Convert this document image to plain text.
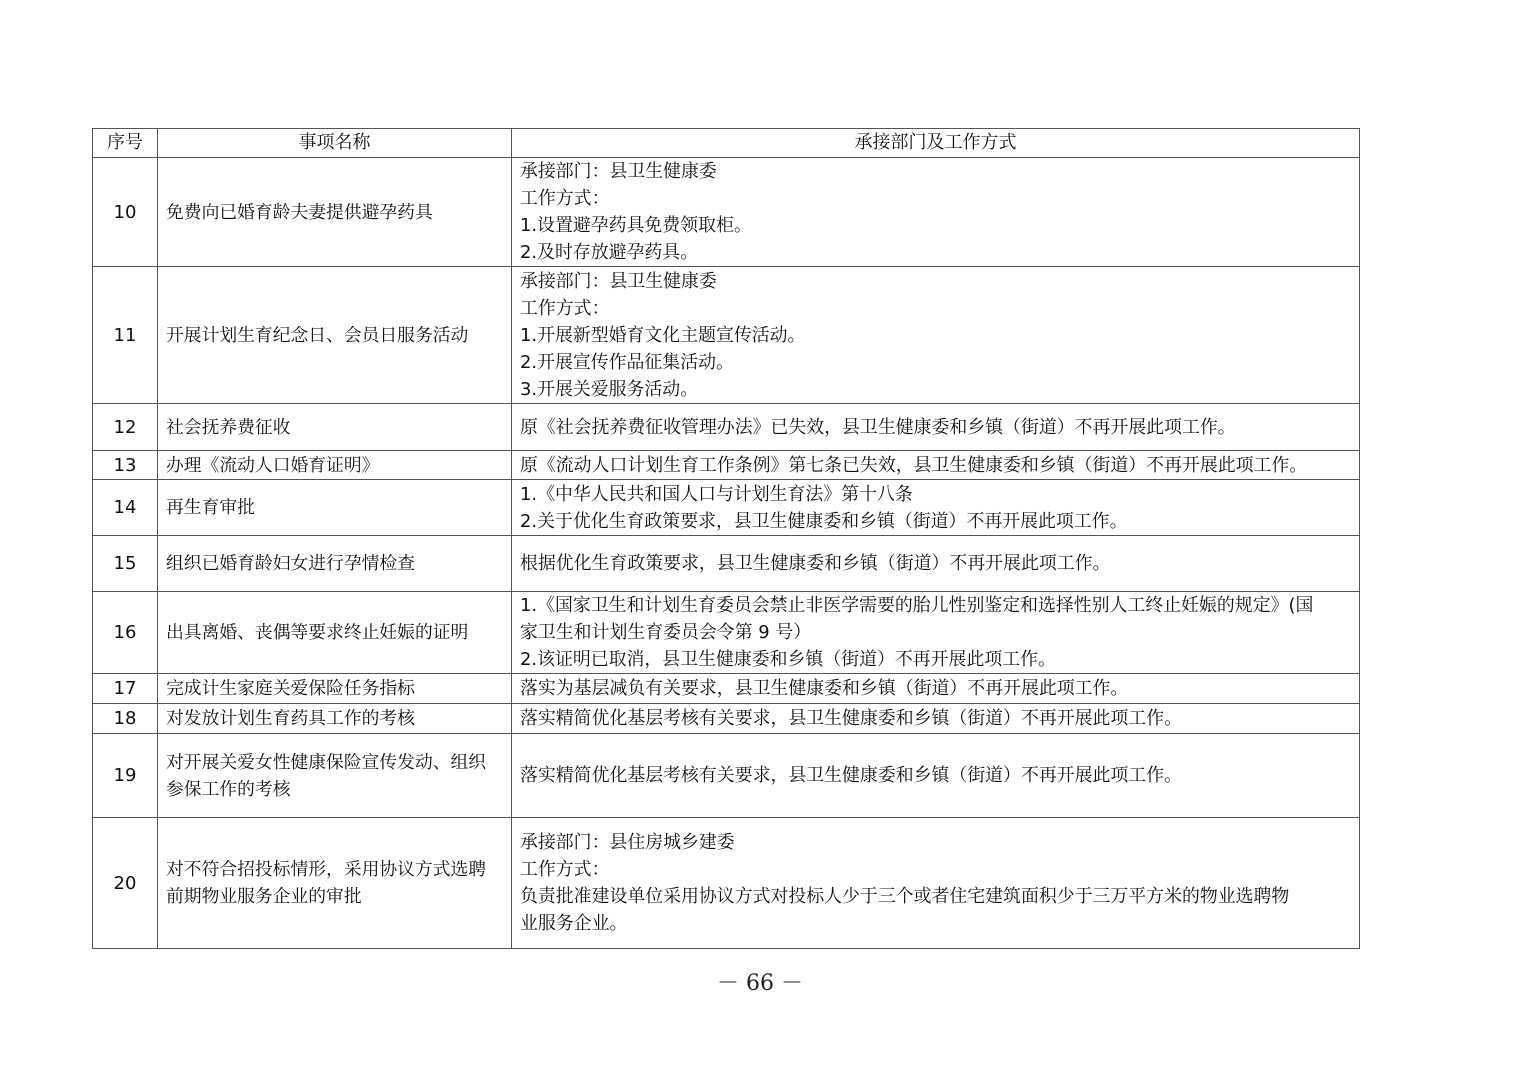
序号	事项名称	承接部门及工作方式
10	免费向已婚育龄夫妻提供避孕药具	承接部门：县卫生健康委
工作方式：
1.设置避孕药具免费领取柜。
2.及时存放避孕药具。

11	开展计划生育纪念日、会员日服务活动	承接部门：县卫生健康委
工作方式：
1.开展新型婚育文化主题宣传活动。
2.开展宣传作品征集活动。
3.开展关爱服务活动。

12	社会抚养费征收	原《社会抚养费征收管理办法》已失效，县卫生健康委和乡镇（街道）不再开展此项工作。

13	办理《流动人口婚育证明》	原《流动人口计划生育工作条例》第七条已失效，县卫生健康委和乡镇（街道）不再开展此项工作。

14	再生育审批	1.《中华人民共和国人口与计划生育法》第十八条
2.关于优化生育政策要求，县卫生健康委和乡镇（街道）不再开展此项工作。

15	组织已婚育龄妇女进行孕情检查	根据优化生育政策要求，县卫生健康委和乡镇（街道）不再开展此项工作。

16	出具离婚、丧偶等要求终止妊娠的证明	1.《国家卫生和计划生育委员会禁止非医学需要的胎儿性别鉴定和选择性别人工终止妊娠的规定》(国
家卫生和计划生育委员会令第 9 号）
2.该证明已取消，县卫生健康委和乡镇（街道）不再开展此项工作。

17	完成计生家庭关爱保险任务指标	落实为基层减负有关要求，县卫生健康委和乡镇（街道）不再开展此项工作。

18	对发放计划生育药具工作的考核	落实精简优化基层考核有关要求，县卫生健康委和乡镇（街道）不再开展此项工作。

19	对开展关爱女性健康保险宣传发动、组织
参保工作的考核	落实精简优化基层考核有关要求，县卫生健康委和乡镇（街道）不再开展此项工作。

20	对不符合招投标情形，采用协议方式选聘
前期物业服务企业的审批	承接部门：县住房城乡建委
工作方式：
负责批准建设单位采用协议方式对投标人少于三个或者住宅建筑面积少于三万平方米的物业选聘物
业服务企业。
－ 66 －
